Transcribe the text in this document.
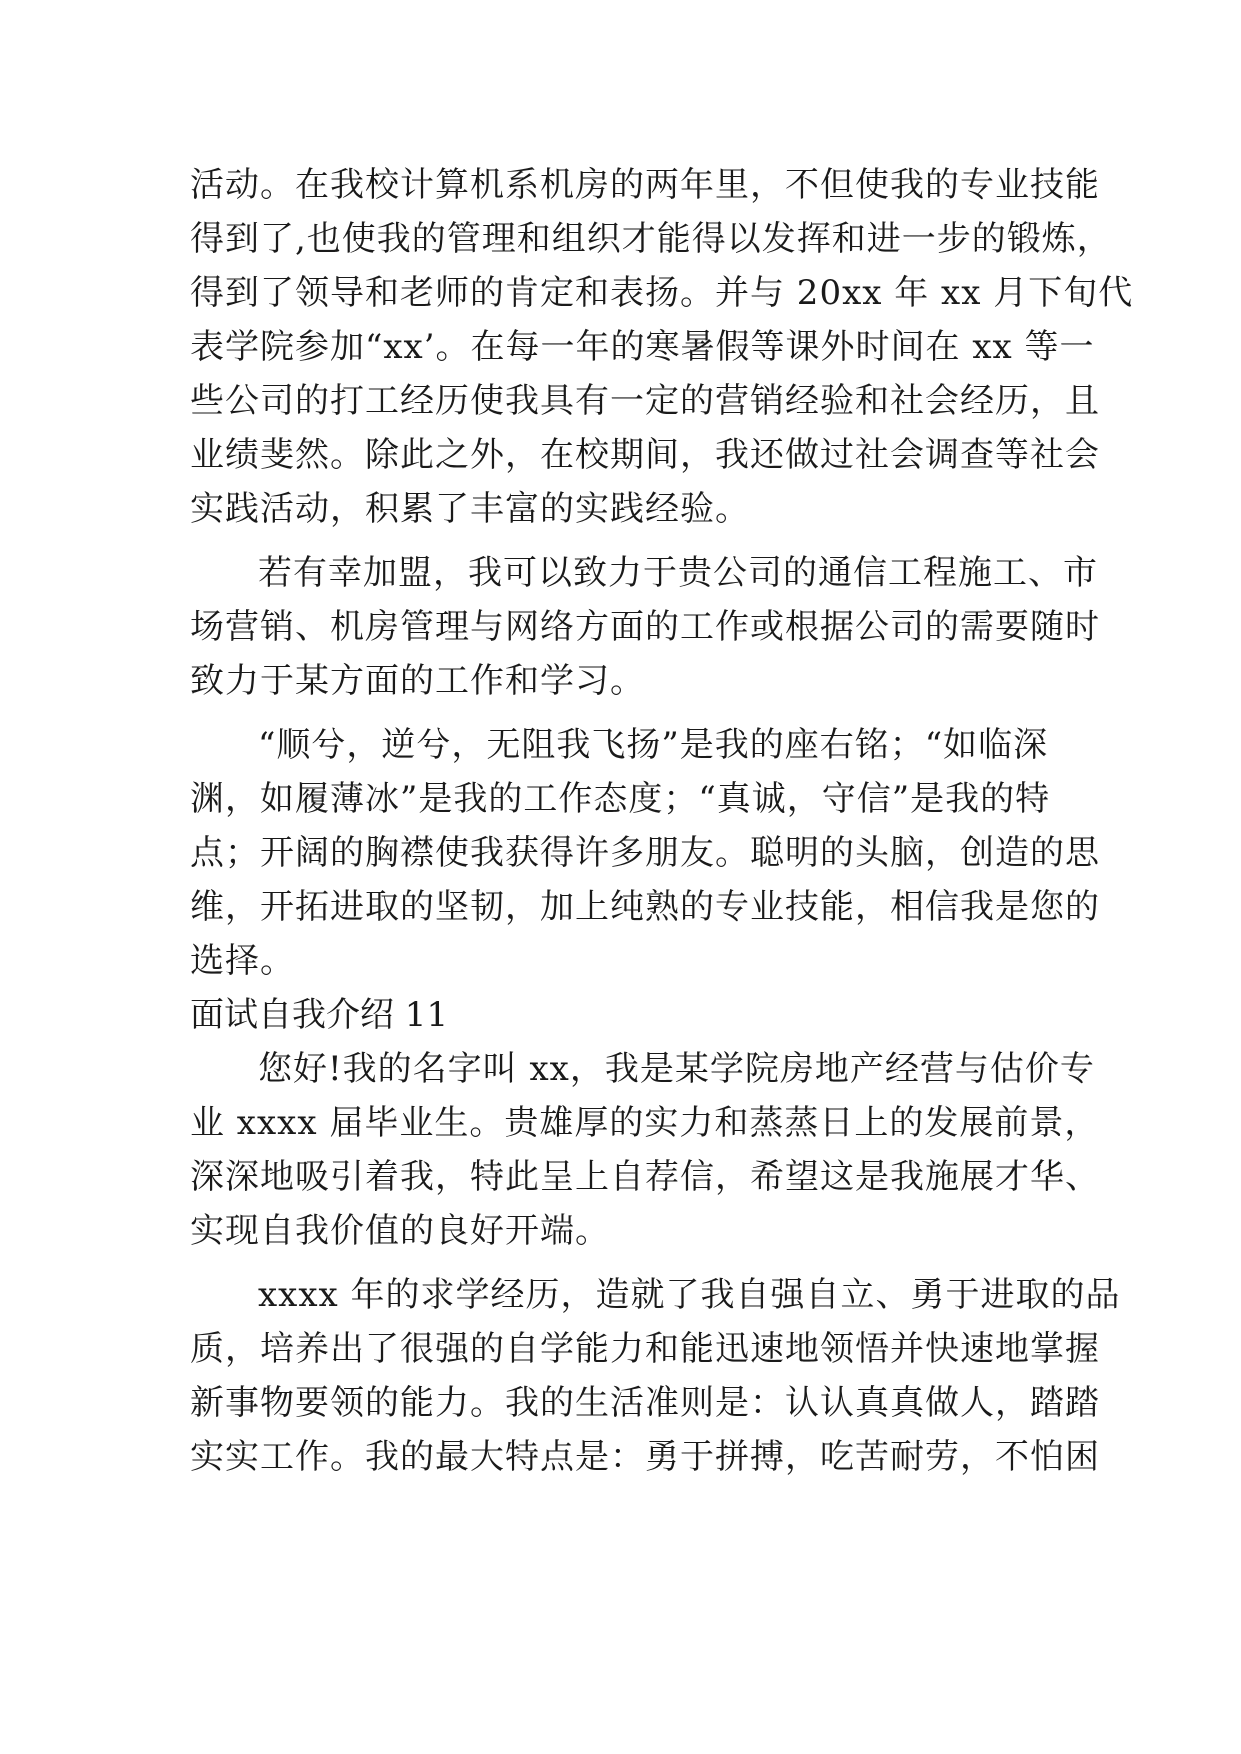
活动。在我校计算机系机房的两年里，不但使我的专业技能
得到了,也使我的管理和组织才能得以发挥和进一步的锻炼，
得到了领导和老师的肯定和表扬。并与 20xx 年 xx 月下旬代
表学院参加“xx’。在每一年的寒暑假等课外时间在 xx 等一
些公司的打工经历使我具有一定的营销经验和社会经历，且
业绩斐然。除此之外，在校期间，我还做过社会调查等社会
实践活动，积累了丰富的实践经验。
若有幸加盟，我可以致力于贵公司的通信工程施工、市
场营销、机房管理与网络方面的工作或根据公司的需要随时
致力于某方面的工作和学习。
“顺兮，逆兮，无阻我飞扬”是我的座右铭；“如临深
渊，如履薄冰”是我的工作态度；“真诚，守信”是我的特
点；开阔的胸襟使我获得许多朋友。聪明的头脑，创造的思
维，开拓进取的坚韧，加上纯熟的专业技能，相信我是您的
选择。
面试自我介绍 11
您好!我的名字叫 xx，我是某学院房地产经营与估价专
业 xxxx 届毕业生。贵雄厚的实力和蒸蒸日上的发展前景，
深深地吸引着我，特此呈上自荐信，希望这是我施展才华、
实现自我价值的良好开端。
xxxx 年的求学经历，造就了我自强自立、勇于进取的品
质，培养出了很强的自学能力和能迅速地领悟并快速地掌握
新事物要领的能力。我的生活准则是：认认真真做人，踏踏
实实工作。我的最大特点是：勇于拼搏，吃苦耐劳，不怕困
